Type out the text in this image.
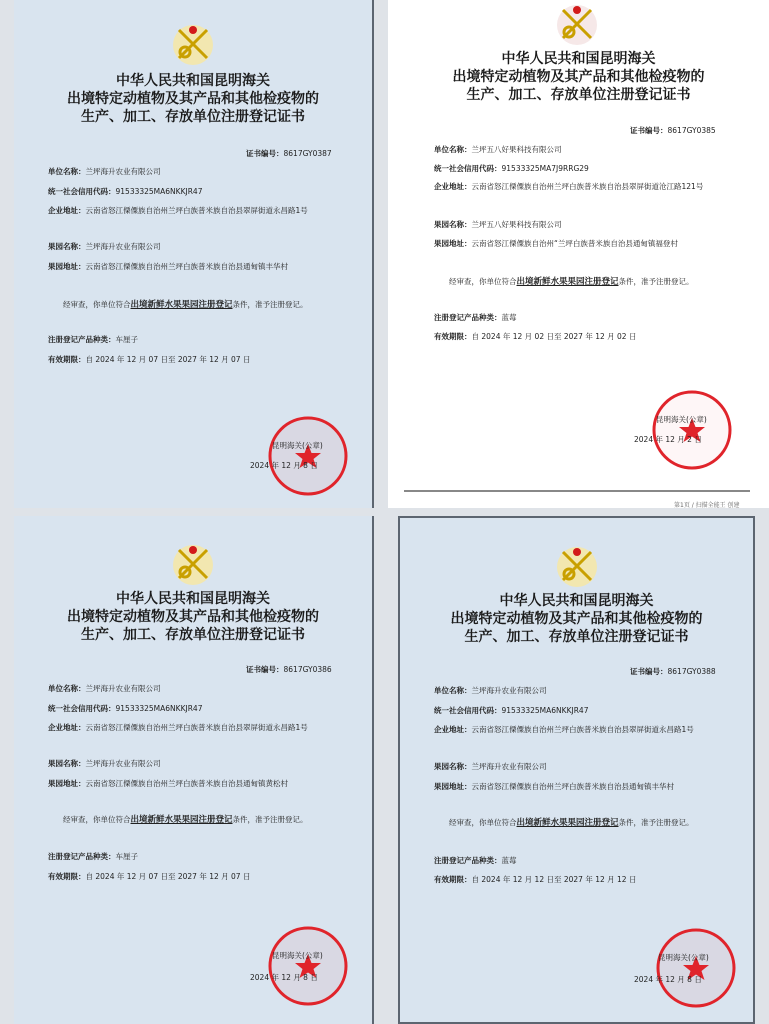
中华人民共和国昆明海关
出境特定动植物及其产品和其他检疫物的
生产、加工、存放单位注册登记证书
证书编号：8617GY0387
单位名称：兰坪海升农业有限公司
统一社会信用代码：91533325MA6NKKJR47
企业地址：云南省怒江傈僳族自治州兰坪白族普米族自治县翠屏街道永昌路1号
果园名称：兰坪海升农业有限公司
果园地址：云南省怒江傈僳族自治州兰坪白族普米族自治县通甸镇丰华村
经审查，你单位符合出境新鲜水果果园注册登记条件，准予注册登记。
注册登记产品种类：车厘子
有效期限：自 2024 年 12 月 07 日至 2027 年 12 月 07 日
昆明海关(公章)
2024 年 12 月 8 日
中华人民共和国昆明海关
出境特定动植物及其产品和其他检疫物的
生产、加工、存放单位注册登记证书
证书编号：8617GY0385
单位名称：兰坪五八好果科技有限公司
统一社会信用代码：91533325MA7J9RRG29
企业地址：云南省怒江傈僳族自治州兰坪白族普米族自治县翠屏街道沧江路121号
果园名称：兰坪五八好果科技有限公司
果园地址：云南省怒江傈僳族自治州“兰坪白族普米族自治县通甸镇福登村
经审查，你单位符合出境新鲜水果果园注册登记条件，准予注册登记。
注册登记产品种类：蓝莓
有效期限：自 2024 年 12 月 02 日至 2027 年 12 月 02 日
昆明海关(公章)
2024 年 12 月 2 日
第1页 / 扫描全能王 创建
中华人民共和国昆明海关
出境特定动植物及其产品和其他检疫物的
生产、加工、存放单位注册登记证书
证书编号：8617GY0386
单位名称：兰坪海升农业有限公司
统一社会信用代码：91533325MA6NKKJR47
企业地址：云南省怒江傈僳族自治州兰坪白族普米族自治县翠屏街道永昌路1号
果园名称：兰坪海升农业有限公司
果园地址：云南省怒江傈僳族自治州兰坪白族普米族自治县通甸镇黄松村
经审查，你单位符合出境新鲜水果果园注册登记条件，准予注册登记。
注册登记产品种类：车厘子
有效期限：自 2024 年 12 月 07 日至 2027 年 12 月 07 日
昆明海关(公章)
2024 年 12 月 8 日
中华人民共和国昆明海关
出境特定动植物及其产品和其他检疫物的
生产、加工、存放单位注册登记证书
证书编号：8617GY0388
单位名称：兰坪海升农业有限公司
统一社会信用代码：91533325MA6NKKJR47
企业地址：云南省怒江傈僳族自治州兰坪白族普米族自治县翠屏街道永昌路1号
果园名称：兰坪海升农业有限公司
果园地址：云南省怒江傈僳族自治州兰坪白族普米族自治县通甸镇丰华村
经审查，你单位符合出境新鲜水果果园注册登记条件，准予注册登记。
注册登记产品种类：蓝莓
有效期限：自 2024 年 12 月 12 日至 2027 年 12 月 12 日
昆明海关(公章)
2024 年 12 月 8 日
